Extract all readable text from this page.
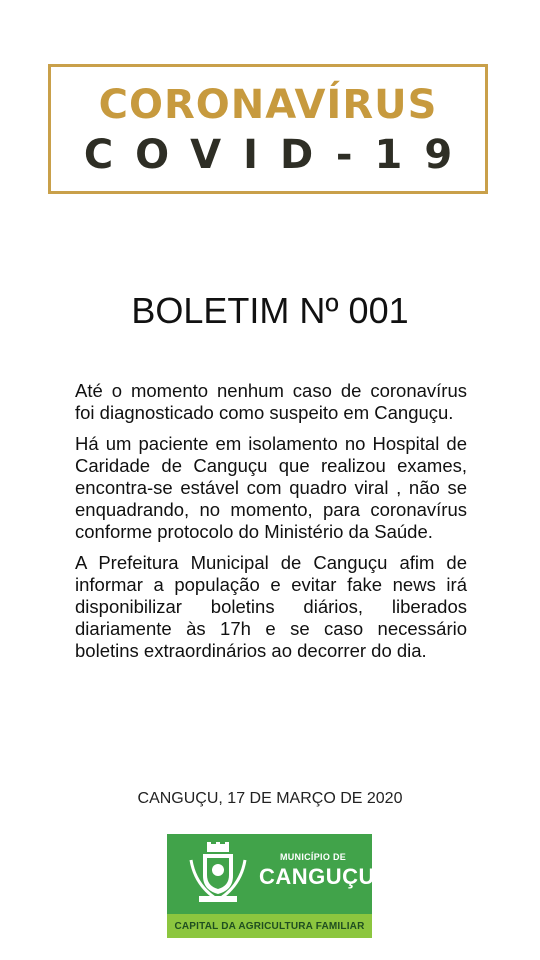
CORONAVÍRUS
COVID-19
BOLETIM Nº 001

Até o momento nenhum caso de coronavírus foi diagnosticado como suspeito em Canguçu.

Há um paciente em isolamento no Hospital de Caridade de Canguçu que realizou exames, encontra-se estável com quadro viral , não se enquadrando, no momento, para coronavírus conforme protocolo do Ministério da Saúde.

A Prefeitura Municipal de Canguçu afim de informar a população e evitar fake news irá disponibilizar boletins diários, liberados diariamente às 17h e se caso necessário boletins extraordinários ao decorrer do dia.

CANGUÇU, 17 DE MARÇO DE 2020
MUNICÍPIO DE
CANGUÇU
CAPITAL DA AGRICULTURA FAMILIAR
